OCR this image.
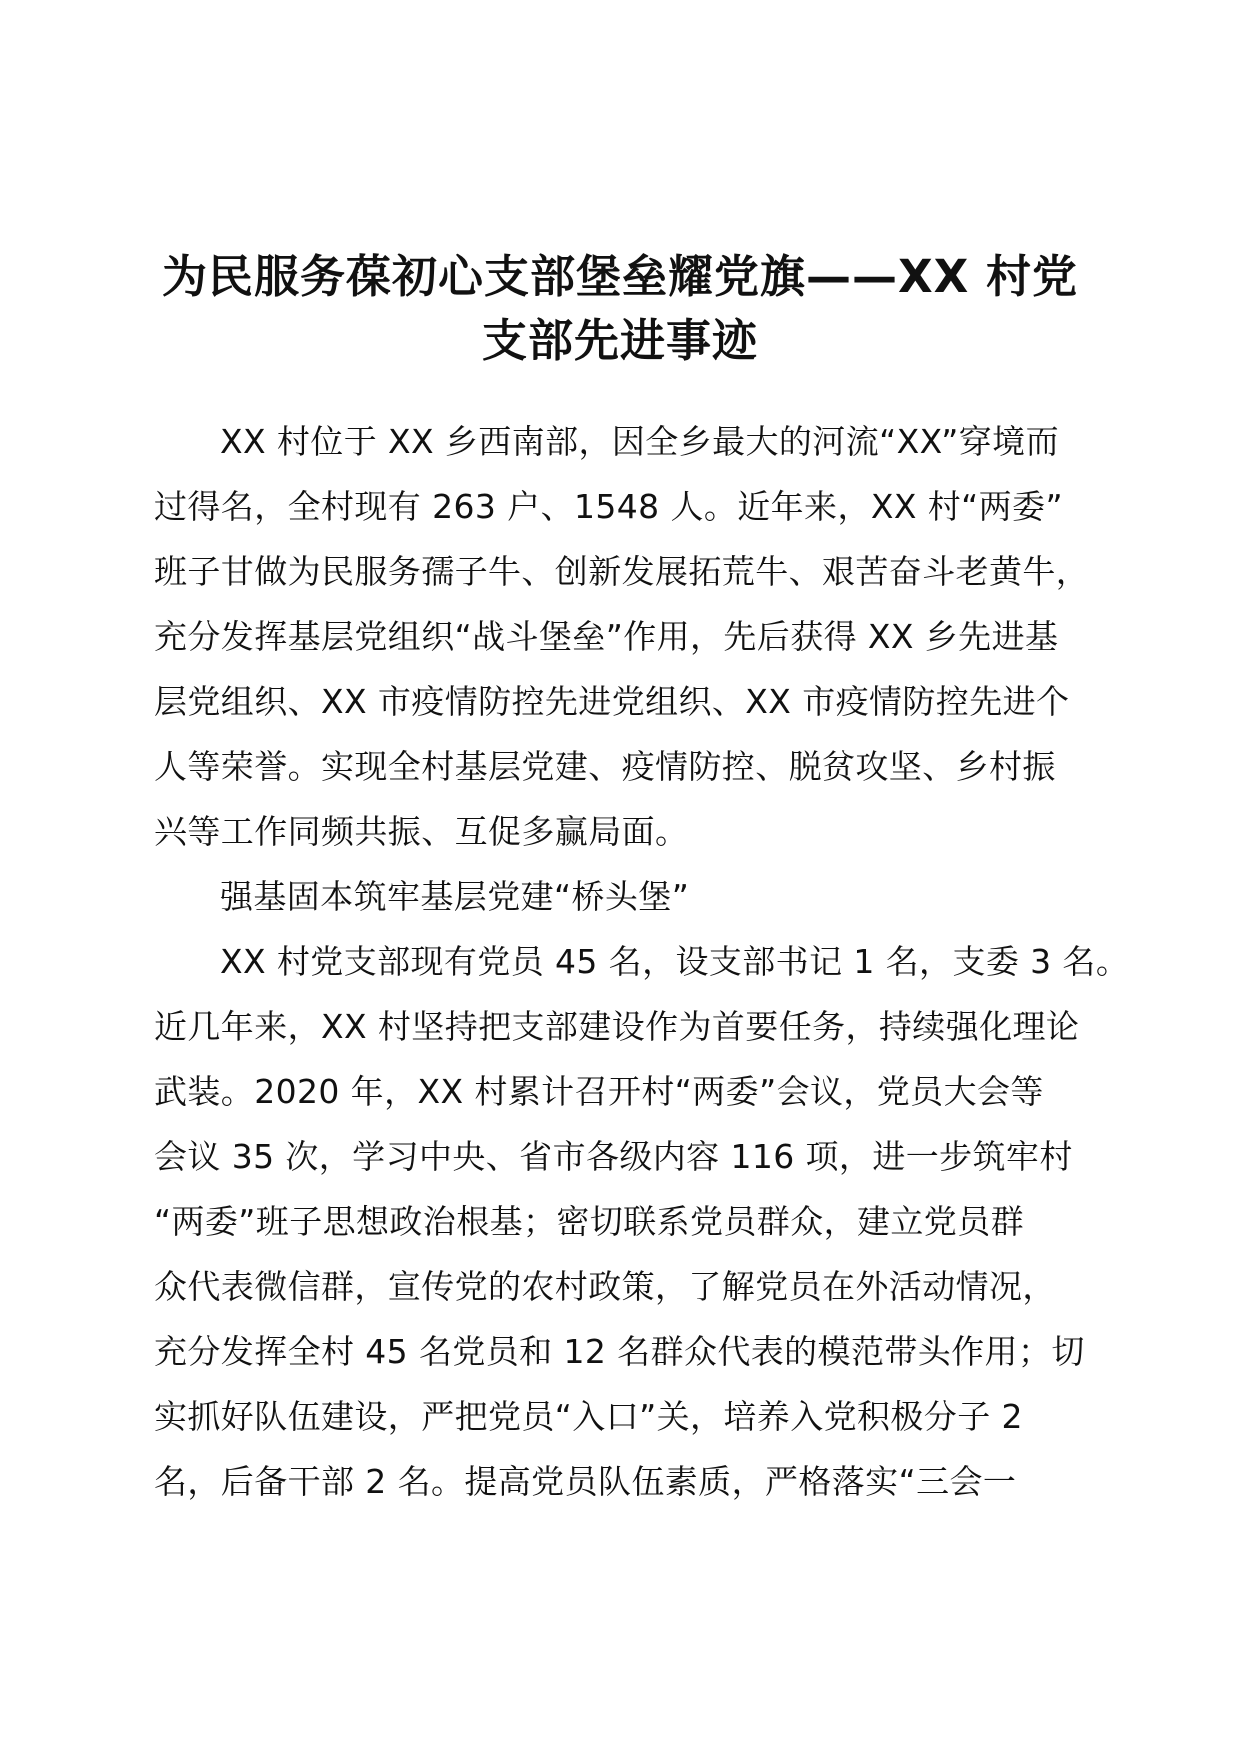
为民服务葆初心支部堡垒耀党旗——XX 村党
支部先进事迹
XX 村位于 XX 乡西南部，因全乡最大的河流“XX”穿境而
过得名，全村现有 263 户、1548 人。近年来，XX 村“两委”
班子甘做为民服务孺子牛、创新发展拓荒牛、艰苦奋斗老黄牛，
充分发挥基层党组织“战斗堡垒”作用，先后获得 XX 乡先进基
层党组织、XX 市疫情防控先进党组织、XX 市疫情防控先进个
人等荣誉。实现全村基层党建、疫情防控、脱贫攻坚、乡村振
兴等工作同频共振、互促多赢局面。
强基固本筑牢基层党建“桥头堡”
XX 村党支部现有党员 45 名，设支部书记 1 名，支委 3 名。
近几年来，XX 村坚持把支部建设作为首要任务，持续强化理论
武装。2020 年，XX 村累计召开村“两委”会议，党员大会等
会议 35 次，学习中央、省市各级内容 116 项，进一步筑牢村
“两委”班子思想政治根基；密切联系党员群众，建立党员群
众代表微信群，宣传党的农村政策，了解党员在外活动情况，
充分发挥全村 45 名党员和 12 名群众代表的模范带头作用；切
实抓好队伍建设，严把党员“入口”关，培养入党积极分子 2
名，后备干部 2 名。提高党员队伍素质，严格落实“三会一
